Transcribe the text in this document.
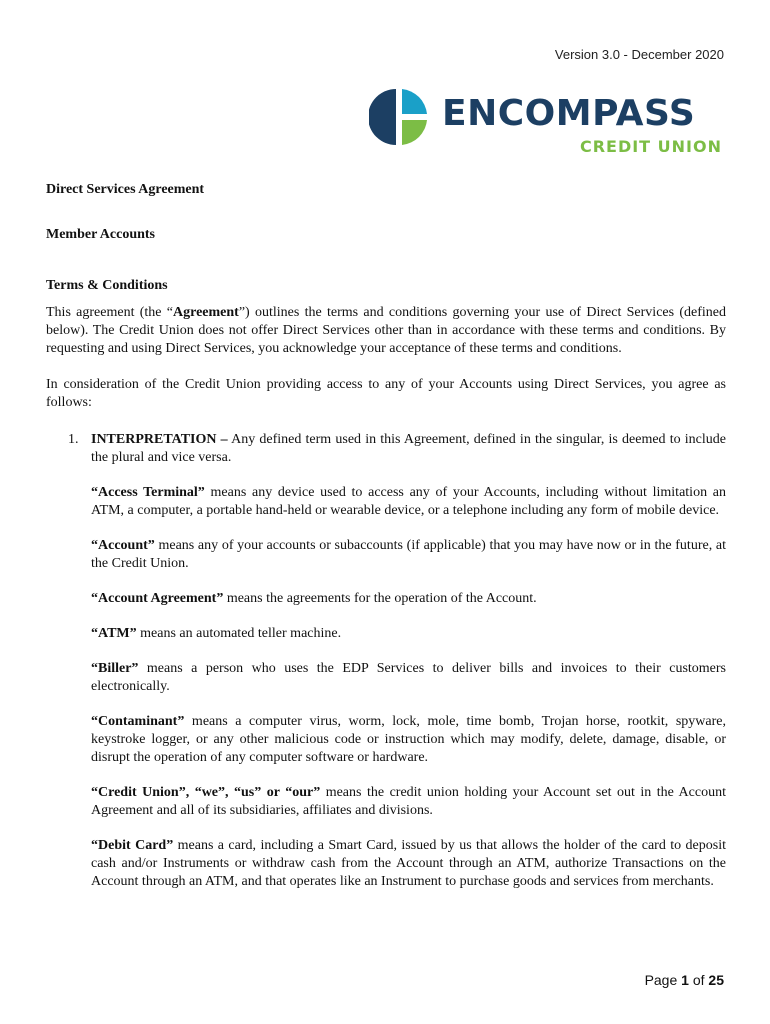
Version 3.0 - December 2020
ENCOMPASS
CREDIT UNION

Direct Services Agreement

Member Accounts

Terms & Conditions

This agreement (the “Agreement”) outlines the terms and conditions governing your use of Direct Services (defined below). The Credit Union does not offer Direct Services other than in accordance with these terms and conditions. By requesting and using Direct Services, you acknowledge your acceptance of these terms and conditions.

In consideration of the Credit Union providing access to any of your Accounts using Direct Services, you agree as follows:

1. INTERPRETATION – Any defined term used in this Agreement, defined in the singular, is deemed to include the plural and vice versa.

“Access Terminal” means any device used to access any of your Accounts, including without limitation an ATM, a computer, a portable hand-held or wearable device, or a telephone including any form of mobile device.

“Account” means any of your accounts or subaccounts (if applicable) that you may have now or in the future, at the Credit Union.

“Account Agreement” means the agreements for the operation of the Account.

“ATM” means an automated teller machine.

“Biller” means a person who uses the EDP Services to deliver bills and invoices to their customers electronically.

“Contaminant” means a computer virus, worm, lock, mole, time bomb, Trojan horse, rootkit, spyware, keystroke logger, or any other malicious code or instruction which may modify, delete, damage, disable, or disrupt the operation of any computer software or hardware.

“Credit Union”, “we”, “us” or “our” means the credit union holding your Account set out in the Account Agreement and all of its subsidiaries, affiliates and divisions.

“Debit Card” means a card, including a Smart Card, issued by us that allows the holder of the card to deposit cash and/or Instruments or withdraw cash from the Account through an ATM, authorize Transactions on the Account through an ATM, and that operates like an Instrument to purchase goods and services from merchants.

Page 1 of 25
